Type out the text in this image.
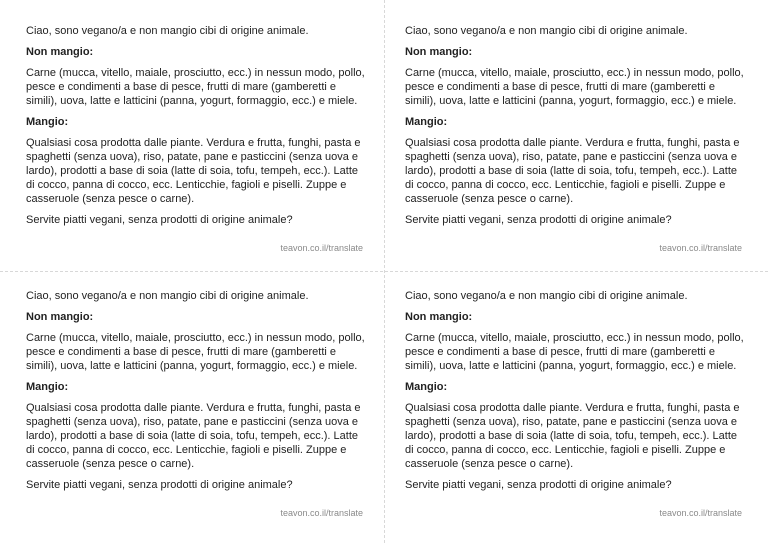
Ciao, sono vegano/a e non mangio cibi di origine animale.

Non mangio:

Carne (mucca, vitello, maiale, prosciutto, ecc.) in nessun modo, pollo, pesce e condimenti a base di pesce, frutti di mare (gamberetti e simili), uova, latte e latticini (panna, yogurt, formaggio, ecc.) e miele.

Mangio:

Qualsiasi cosa prodotta dalle piante. Verdura e frutta, funghi, pasta e spaghetti (senza uova), riso, patate, pane e pasticcini (senza uova e lardo), prodotti a base di soia (latte di soia, tofu, tempeh, ecc.). Latte di cocco, panna di cocco, ecc. Lenticchie, fagioli e piselli. Zuppe e casseruole (senza pesce o carne).

Servite piatti vegani, senza prodotti di origine animale?

teavon.co.il/translate

Ciao, sono vegano/a e non mangio cibi di origine animale.

Non mangio:

Carne (mucca, vitello, maiale, prosciutto, ecc.) in nessun modo, pollo, pesce e condimenti a base di pesce, frutti di mare (gamberetti e simili), uova, latte e latticini (panna, yogurt, formaggio, ecc.) e miele.

Mangio:

Qualsiasi cosa prodotta dalle piante. Verdura e frutta, funghi, pasta e spaghetti (senza uova), riso, patate, pane e pasticcini (senza uova e lardo), prodotti a base di soia (latte di soia, tofu, tempeh, ecc.). Latte di cocco, panna di cocco, ecc. Lenticchie, fagioli e piselli. Zuppe e casseruole (senza pesce o carne).

Servite piatti vegani, senza prodotti di origine animale?

teavon.co.il/translate

Ciao, sono vegano/a e non mangio cibi di origine animale.

Non mangio:

Carne (mucca, vitello, maiale, prosciutto, ecc.) in nessun modo, pollo, pesce e condimenti a base di pesce, frutti di mare (gamberetti e simili), uova, latte e latticini (panna, yogurt, formaggio, ecc.) e miele.

Mangio:

Qualsiasi cosa prodotta dalle piante. Verdura e frutta, funghi, pasta e spaghetti (senza uova), riso, patate, pane e pasticcini (senza uova e lardo), prodotti a base di soia (latte di soia, tofu, tempeh, ecc.). Latte di cocco, panna di cocco, ecc. Lenticchie, fagioli e piselli. Zuppe e casseruole (senza pesce o carne).

Servite piatti vegani, senza prodotti di origine animale?

teavon.co.il/translate

Ciao, sono vegano/a e non mangio cibi di origine animale.

Non mangio:

Carne (mucca, vitello, maiale, prosciutto, ecc.) in nessun modo, pollo, pesce e condimenti a base di pesce, frutti di mare (gamberetti e simili), uova, latte e latticini (panna, yogurt, formaggio, ecc.) e miele.

Mangio:

Qualsiasi cosa prodotta dalle piante. Verdura e frutta, funghi, pasta e spaghetti (senza uova), riso, patate, pane e pasticcini (senza uova e lardo), prodotti a base di soia (latte di soia, tofu, tempeh, ecc.). Latte di cocco, panna di cocco, ecc. Lenticchie, fagioli e piselli. Zuppe e casseruole (senza pesce o carne).

Servite piatti vegani, senza prodotti di origine animale?

teavon.co.il/translate
